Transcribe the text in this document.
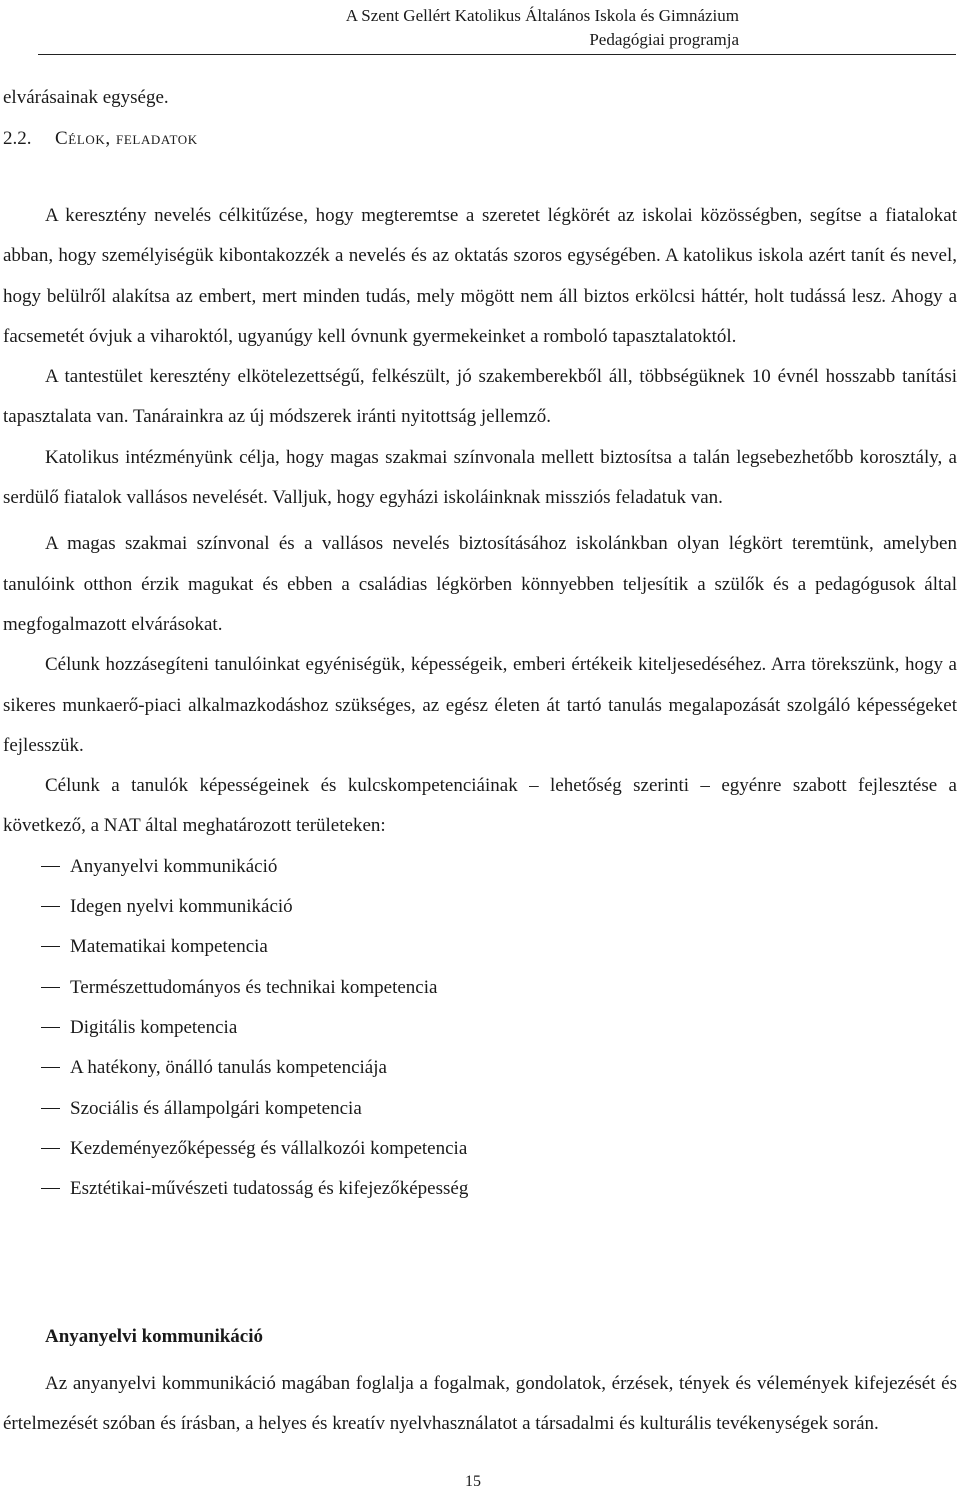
A Szent Gellért Katolikus Általános Iskola és Gimnázium
Pedagógiai programja

elvárásainak egysége.

2.2. Célok, feladatok

A keresztény nevelés célkitűzése, hogy megteremtse a szeretet légkörét az iskolai közösségben, segítse a fiatalokat abban, hogy személyiségük kibontakozzék a nevelés és az oktatás szoros egységében. A katolikus iskola azért tanít és nevel, hogy belülről alakítsa az embert, mert minden tudás, mely mögött nem áll biztos erkölcsi háttér, holt tudássá lesz. Ahogy a facsemetét óvjuk a viharoktól, ugyanúgy kell óvnunk gyermekeinket a romboló tapasztalatoktól.

A tantestület keresztény elkötelezettségű, felkészült, jó szakemberekből áll, többségüknek 10 évnél hosszabb tanítási tapasztalata van. Tanárainkra az új módszerek iránti nyitottság jellemző.

Katolikus intézményünk célja, hogy magas szakmai színvonala mellett biztosítsa a talán legsebezhetőbb korosztály, a serdülő fiatalok vallásos nevelését. Valljuk, hogy egyházi iskoláinknak missziós feladatuk van.

A magas szakmai színvonal és a vallásos nevelés biztosításához iskolánkban olyan légkört teremtünk, amelyben tanulóink otthon érzik magukat és ebben a családias légkörben könnyebben teljesítik a szülők és a pedagógusok által megfogalmazott elvárásokat.

Célunk hozzásegíteni tanulóinkat egyéniségük, képességeik, emberi értékeik kiteljesedéséhez. Arra törekszünk, hogy a sikeres munkaerő-piaci alkalmazkodáshoz szükséges, az egész életen át tartó tanulás megalapozását szolgáló képességeket fejlesszük.

Célunk a tanulók képességeinek és kulcskompetenciáinak – lehetőség szerinti – egyénre szabott fejlesztése a következő, a NAT által meghatározott területeken:

Anyanyelvi kommunikáció
Idegen nyelvi kommunikáció
Matematikai kompetencia
Természettudományos és technikai kompetencia
Digitális kompetencia
A hatékony, önálló tanulás kompetenciája
Szociális és állampolgári kompetencia
Kezdeményezőképesség és vállalkozói kompetencia
Esztétikai-művészeti tudatosság és kifejezőképesség
Anyanyelvi kommunikáció

Az anyanyelvi kommunikáció magában foglalja a fogalmak, gondolatok, érzések, tények és vélemények kifejezését és értelmezését szóban és írásban, a helyes és kreatív nyelvhasználatot a társadalmi és kulturális tevékenységek során.

15
